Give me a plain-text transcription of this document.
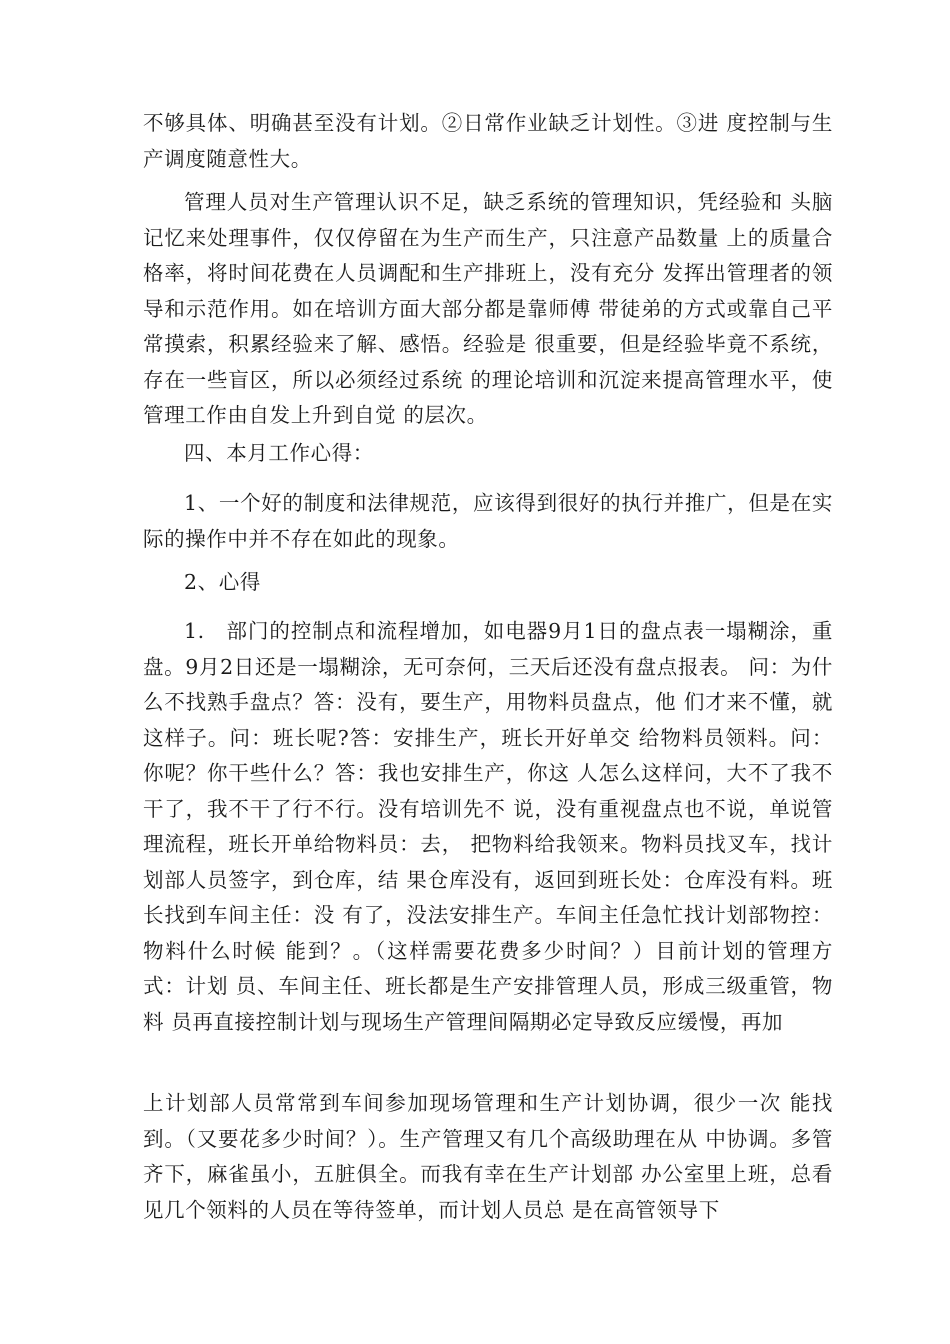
不够具体、明确甚至没有计划。②日常作业缺乏计划性。③进 度控制与生产调度随意性大。

管理人员对生产管理认识不足，缺乏系统的管理知识，凭经验和 头脑记忆来处理事件，仅仅停留在为生产而生产，只注意产品数量 上的质量合格率，将时间花费在人员调配和生产排班上，没有充分 发挥出管理者的领导和示范作用。如在培训方面大部分都是靠师傅 带徒弟的方式或靠自己平常摸索，积累经验来了解、感悟。经验是 很重要，但是经验毕竟不系统，存在一些盲区，所以必须经过系统 的理论培训和沉淀来提高管理水平，使管理工作由自发上升到自觉 的层次。

四、本月工作心得：

1、一个好的制度和法律规范，应该得到很好的执行并推广，但是在实际的操作中并不存在如此的现象。

2、心得

1.　部门的控制点和流程增加，如电器9月1日的盘点表一塌糊涂，重盘。9月2日还是一塌糊涂，无可奈何，三天后还没有盘点报表。 问：为什么不找熟手盘点？答：没有，要生产，用物料员盘点，他 们才来不懂，就这样子。问：班长呢?答：安排生产，班长开好单交 给物料员领料。问：你呢？你干些什么？答：我也安排生产，你这 人怎么这样问，大不了我不干了，我不干了行不行。没有培训先不 说，没有重视盘点也不说，单说管理流程，班长开单给物料员：去， 把物料给我领来。物料员找叉车，找计划部人员签字，到仓库，结 果仓库没有，返回到班长处：仓库没有料。班长找到车间主任：没 有了，没法安排生产。车间主任急忙找计划部物控：物料什么时候 能到？。（这样需要花费多少时间？）目前计划的管理方式：计划 员、车间主任、班长都是生产安排管理人员，形成三级重管，物料 员再直接控制计划与现场生产管理间隔期必定导致反应缓慢，再加

上计划部人员常常到车间参加现场管理和生产计划协调，很少一次 能找到。（又要花多少时间？）。生产管理又有几个高级助理在从 中协调。多管齐下，麻雀虽小，五脏俱全。而我有幸在生产计划部 办公室里上班，总看见几个领料的人员在等待签单，而计划人员总 是在高管领导下
